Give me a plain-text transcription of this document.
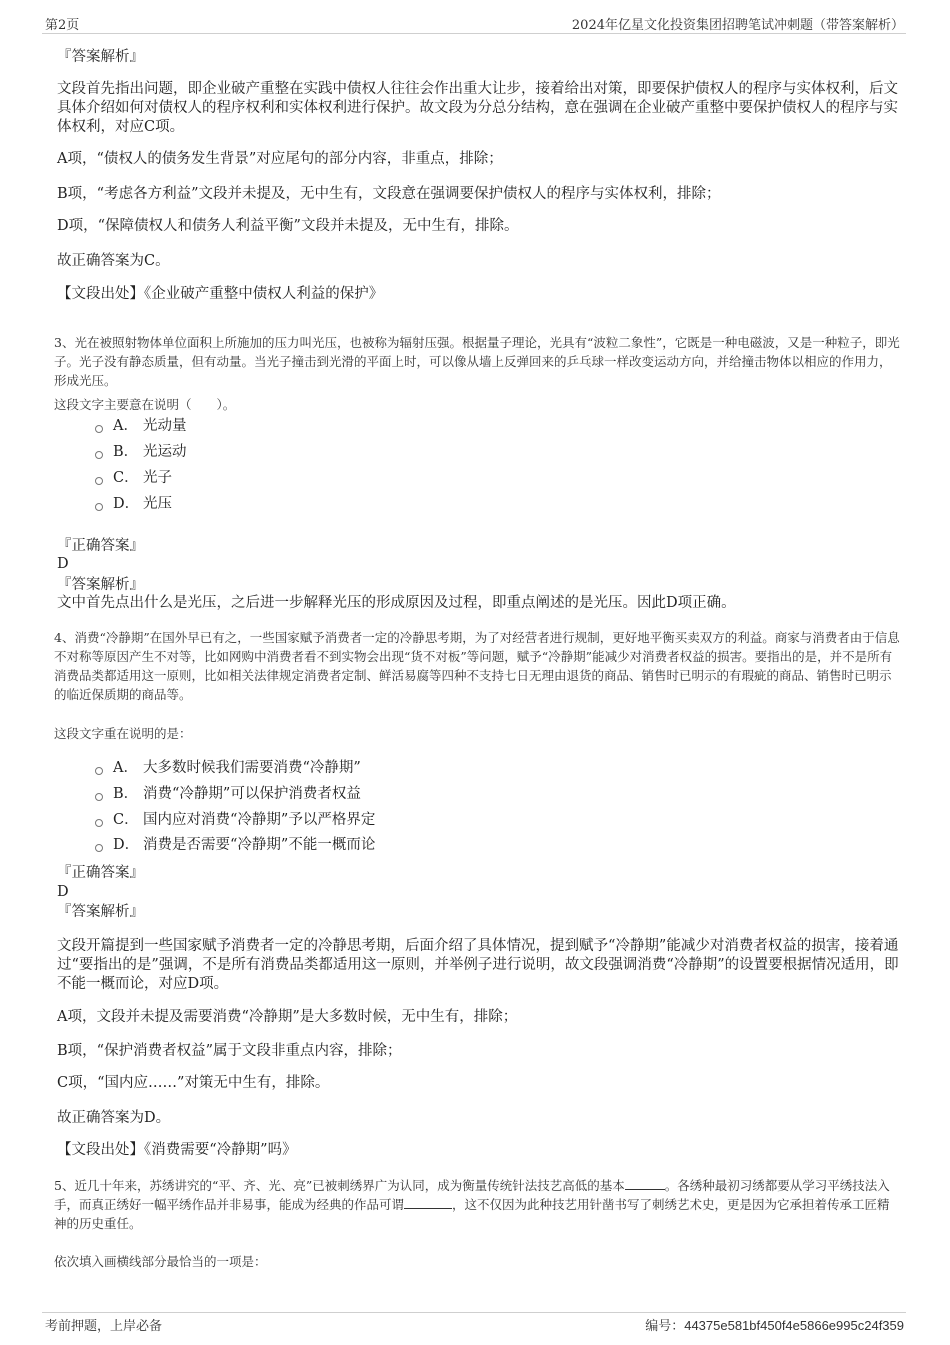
第2页	2024年亿星文化投资集团招聘笔试冲刺题（带答案解析）
『答案解析』
文段首先指出问题，即企业破产重整在实践中债权人往往会作出重大让步，接着给出对策，即要保护债权人的程序与实体权利，后文具体介绍如何对债权人的程序权利和实体权利进行保护。故文段为分总分结构，意在强调在企业破产重整中要保护债权人的程序与实体权利，对应C项。
A项，“债权人的债务发生背景”对应尾句的部分内容，非重点，排除；
B项，“考虑各方利益”文段并未提及，无中生有，文段意在强调要保护债权人的程序与实体权利，排除；
D项，“保障债权人和债务人利益平衡”文段并未提及，无中生有，排除。
故正确答案为C。
【文段出处】《企业破产重整中债权人利益的保护》
3、光在被照射物体单位面积上所施加的压力叫光压，也被称为辐射压强。根据量子理论，光具有“波粒二象性”，它既是一种电磁波，又是一种粒子，即光子。光子没有静态质量，但有动量。当光子撞击到光滑的平面上时，可以像从墙上反弹回来的乒乓球一样改变运动方向，并给撞击物体以相应的作用力，形成光压。
这段文字主要意在说明（　　）。
A． 光动量
B． 光运动
C． 光子
D． 光压
『正确答案』
D
『答案解析』
文中首先点出什么是光压，之后进一步解释光压的形成原因及过程，即重点阐述的是光压。因此D项正确。
4、消费“冷静期”在国外早已有之，一些国家赋予消费者一定的冷静思考期，为了对经营者进行规制，更好地平衡买卖双方的利益。商家与消费者由于信息不对称等原因产生不对等，比如网购中消费者看不到实物会出现“货不对板”等问题，赋予“冷静期”能减少对消费者权益的损害。要指出的是，并不是所有消费品类都适用这一原则，比如相关法律规定消费者定制、鲜活易腐等四种不支持七日无理由退货的商品、销售时已明示的有瑕疵的商品、销售时已明示的临近保质期的商品等。
这段文字重在说明的是：
A． 大多数时候我们需要消费“冷静期”
B． 消费“冷静期”可以保护消费者权益
C． 国内应对消费“冷静期”予以严格界定
D． 消费是否需要“冷静期”不能一概而论
『正确答案』
D
『答案解析』
文段开篇提到一些国家赋予消费者一定的冷静思考期，后面介绍了具体情况，提到赋予“冷静期”能减少对消费者权益的损害，接着通过“要指出的是”强调，不是所有消费品类都适用这一原则，并举例子进行说明，故文段强调消费“冷静期”的设置要根据情况适用，即不能一概而论，对应D项。
A项，文段并未提及需要消费“冷静期”是大多数时候，无中生有，排除；
B项，“保护消费者权益”属于文段非重点内容，排除；
C项，“国内应……”对策无中生有，排除。
故正确答案为D。
【文段出处】《消费需要“冷静期”吗》
5、近几十年来，苏绣讲究的“平、齐、光、亮”已被刺绣界广为认同，成为衡量传统针法技艺高低的基本	。各绣种最初习绣都要从学习平绣技法入手，而真正绣好一幅平绣作品并非易事，能成为经典的作品可谓	，这不仅因为此种技艺用针凿书写了刺绣艺术史，更是因为它承担着传承工匠精神的历史重任。
依次填入画横线部分最恰当的一项是：
考前押题，上岸必备	编号：44375e581bf450f4e5866e995c24f359
